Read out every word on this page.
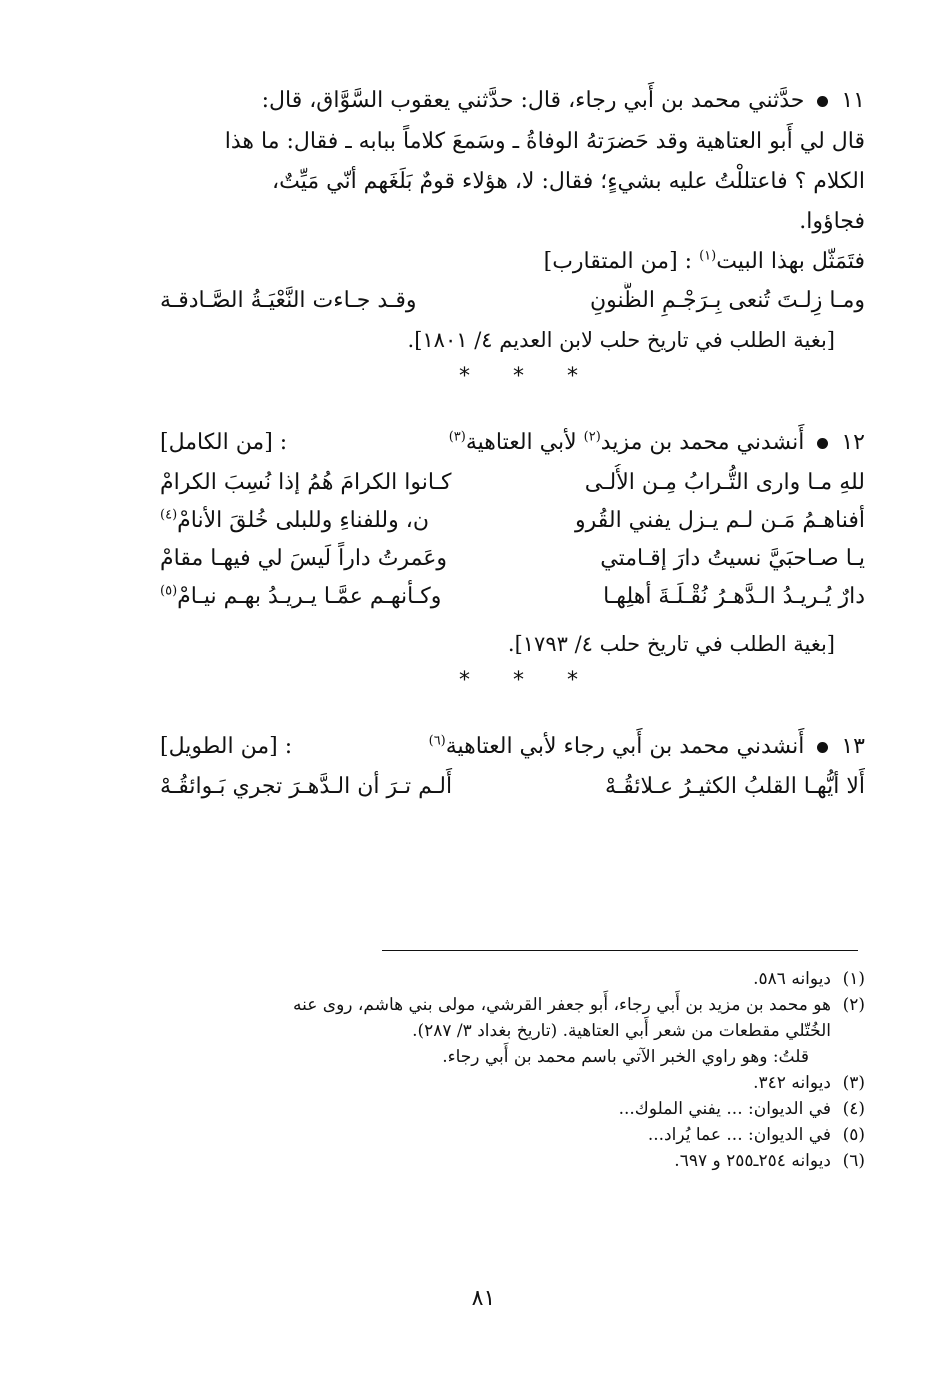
١١  حدَّثني محمد بن أَبي رجاء، قال: حدَّثني يعقوب السَّوَّاق، قال:
قال لي أَبو العتاهية وقد حَضرَتهُ الوفاةُ ـ وسَمعَ كلاماً ببابه ـ فقال: ما هذا
الكلام ؟ فاعتللْتُ عليه بشيءٍ؛ فقال: لا، هؤلاء قومٌ بَلَغَهم أنّي مَيِّتٌ،
فجاؤوا.
فتَمَثّل بهذا البيت$^{(١)}$ : [من المتقارب]
ومـا زِلـتَ تُنعى بِـرَجْـمِ الظُّنونِ
وقـد جـاءت النَّعْيَـةُ الصَّـادقـة
[بغية الطلب في تاريخ حلب لابن العديم ٤/ ١٨٠١].
* * *
١٢  أَنشدني محمد بن مزيد$^{(٢)}$ لأبي العتاهية$^{(٣)}$
: [من الكامل]
للهِ مـا وارى التُّـرابُ مِـن الأُلـى
كـانوا الكرامَ هُمُ إذا نُسِبَ الكرامْ
أفناهـمُ مَـن لـم يـزل يفني القُرو
ن، وللفناءِ وللبلى خُلقَ الأنامْ$^{(٤)}$
يـا صـاحبَيَّ نسيتُ دارَ إقـامتي
وعَمرتُ داراً لَيسَ لي فيهـا مقامْ
دارٌ يُـريـدُ الـدَّهـرُ نُقْـلَـةَ أهلِهـا
وكـأنهـم عمَّـا يـريـدُ بهـم نيـامْ$^{(٥)}$
[بغية الطلب في تاريخ حلب ٤/ ١٧٩٣].
* * *
١٣  أَنشدني محمد بن أَبي رجاء لأبي العتاهية$^{(٦)}$
: [من الطويل]
أَلا أيُّهـا القلبُ الكثيـرُ عـلائقُـهْ
أَلـم تـرَ أن الـدَّهـرَ تجري بَـوائقُـهْ
(١)
ديوانه ٥٨٦.
(٢)
هو محمد بن مزيد بن أَبي رجاء، أَبو جعفر القرشي، مولى بني هاشم، روى عنه
الخُتّلي مقطعات من شعر أَبي العتاهية. (تاريخ بغداد ٣/ ٢٨٧).
قلتُ: وهو راوي الخبر الآتي باسم محمد بن أَبي رجاء.
(٣)
ديوانه ٣٤٢.
(٤)
في الديوان: ... يفني الملوك...
(٥)
في الديوان: ... عما يُراد...
(٦)
ديوانه ٢٥٤ـ٢٥٥ و ٦٩٧.
٨١
